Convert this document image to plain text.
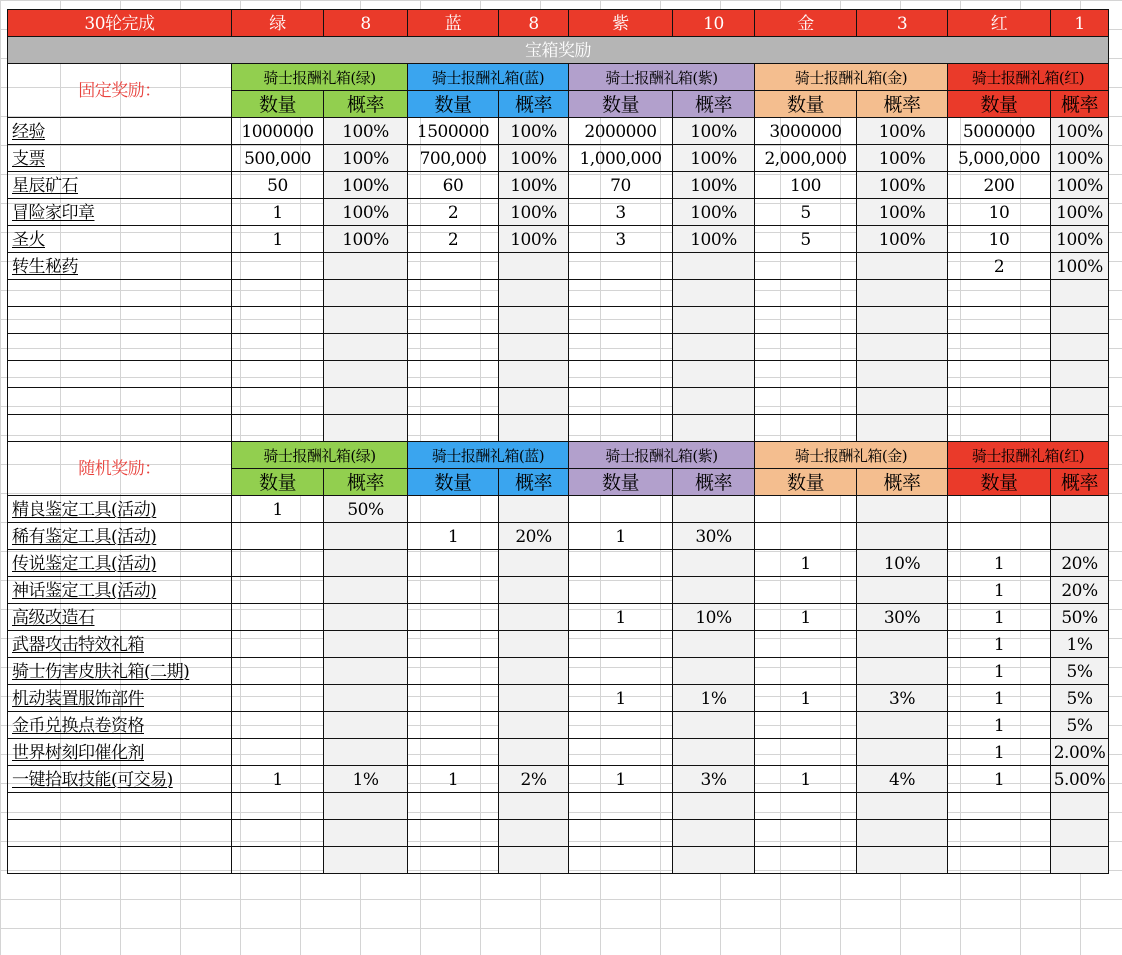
30轮完成	绿	8	蓝	8	紫	10	金	3	红	1
宝箱奖励										
固定奖励：	骑士报酬礼箱(绿)		骑士报酬礼箱(蓝)		骑士报酬礼箱(紫)		骑士报酬礼箱(金)		骑士报酬礼箱(红)	
	数量	概率	数量	概率	数量	概率	数量	概率	数量	概率
经验	1000000	100%	1500000	100%	2000000	100%	3000000	100%	5000000	100%
支票	500,000	100%	700,000	100%	1,000,000	100%	2,000,000	100%	5,000,000	100%
星辰矿石	50	100%	60	100%	70	100%	100	100%	200	100%
冒险家印章	1	100%	2	100%	3	100%	5	100%	10	100%
圣火	1	100%	2	100%	3	100%	5	100%	10	100%
转生秘药									2	100%

随机奖励：	骑士报酬礼箱(绿)		骑士报酬礼箱(蓝)		骑士报酬礼箱(紫)		骑士报酬礼箱(金)		骑士报酬礼箱(红)	
	数量	概率	数量	概率	数量	概率	数量	概率	数量	概率
精良鉴定工具(活动)	1	50%								
稀有鉴定工具(活动)			1	20%	1	30%				
传说鉴定工具(活动)							1	10%	1	20%
神话鉴定工具(活动)									1	20%
高级改造石					1	10%	1	30%	1	50%
武器攻击特效礼箱									1	1%
骑士伤害皮肤礼箱(二期)									1	5%
机动装置服饰部件					1	1%	1	3%	1	5%
金币兑换点卷资格									1	5%
世界树刻印催化剂									1	2.00%
一键拾取技能(可交易)	1	1%	1	2%	1	3%	1	4%	1	5.00%
